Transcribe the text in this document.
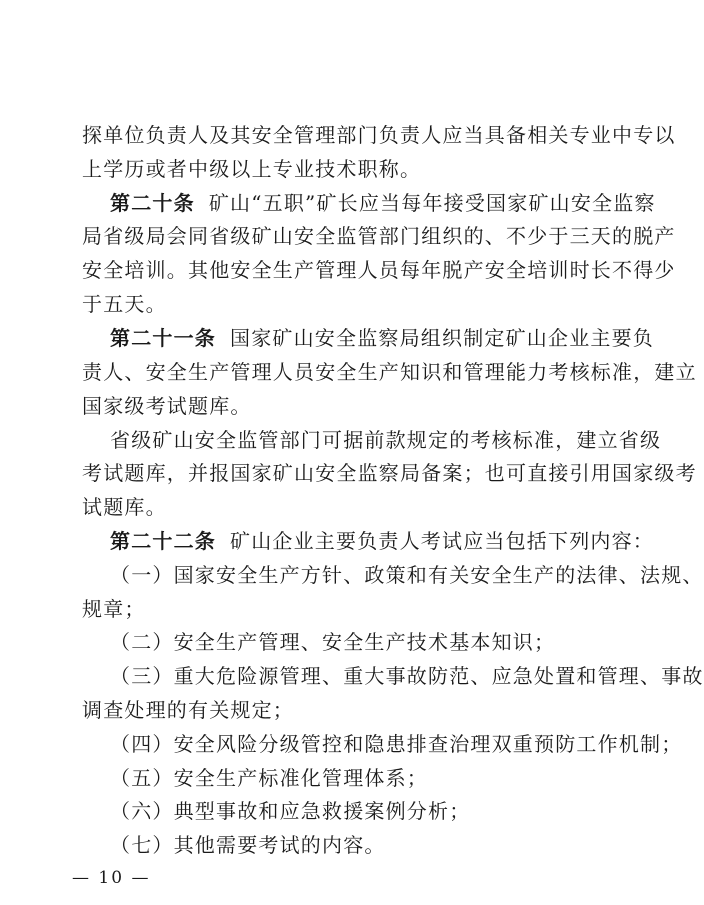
探单位负责人及其安全管理部门负责人应当具备相关专业中专以
上学历或者中级以上专业技术职称。
第二十条 矿山“五职”矿长应当每年接受国家矿山安全监察
局省级局会同省级矿山安全监管部门组织的、不少于三天的脱产
安全培训。其他安全生产管理人员每年脱产安全培训时长不得少
于五天。
第二十一条 国家矿山安全监察局组织制定矿山企业主要负
责人、安全生产管理人员安全生产知识和管理能力考核标准，建立
国家级考试题库。
省级矿山安全监管部门可据前款规定的考核标准，建立省级
考试题库，并报国家矿山安全监察局备案；也可直接引用国家级考
试题库。
第二十二条 矿山企业主要负责人考试应当包括下列内容：
（一）国家安全生产方针、政策和有关安全生产的法律、法规、
规章；
（二）安全生产管理、安全生产技术基本知识；
（三）重大危险源管理、重大事故防范、应急处置和管理、事故
调查处理的有关规定；
（四）安全风险分级管控和隐患排查治理双重预防工作机制；
（五）安全生产标准化管理体系；
（六）典型事故和应急救援案例分析；
（七）其他需要考试的内容。
— 10 —
